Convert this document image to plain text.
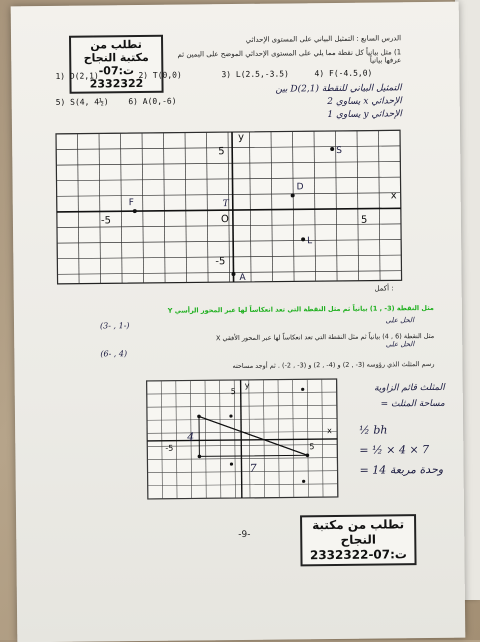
تطلب من مكتبة النجاح
ت:07-2332322
الدرس السابع : التمثيل البياني على المستوى الإحداثي
1) مثل بيانياً كل نقطة مما يلي على المستوى الإحداثي الموضح على اليمين ثم عرفها بيانياً
1) D(2,1)	2) T(0,0)	3) L(2.5,-3.5)	4) F(-4.5,0)
5) S(4, 4½) 6) A(0,-6)
التمثيل البياني للنقطة D(2,1) بين
الإحداثي x يساوي 2
الإحداثي y يساوي 1
x
y
5
-5
5
-5
O
T
F
D
L
S
A
: أكمل
مثل النقطة (3- , 1) بيانياً ثم مثل النقطة التي تعد انعكاساً لها عبر المحور الرأسي Y
(3- , 1-)
الحل على
مثل النقطة (6 , 4) بيانياً ثم مثل النقطة التي تعد انعكاساً لها عبر المحور الأفقي X
(6- , 4)
الحل على
رسم المثلث الذي رؤوسه (3- , 2) و (4- , 2) و (3- , 2-) . ثم أوجد مساحته
x
y
5
-5
5
4
7
المثلث قائم الزاوية
مساحة المثلث =
½ bh
= ½ × 4 × 7
= 14 وحدة مربعة
-9-
تطلب من مكتبة النجاح
ت:07-2332322
